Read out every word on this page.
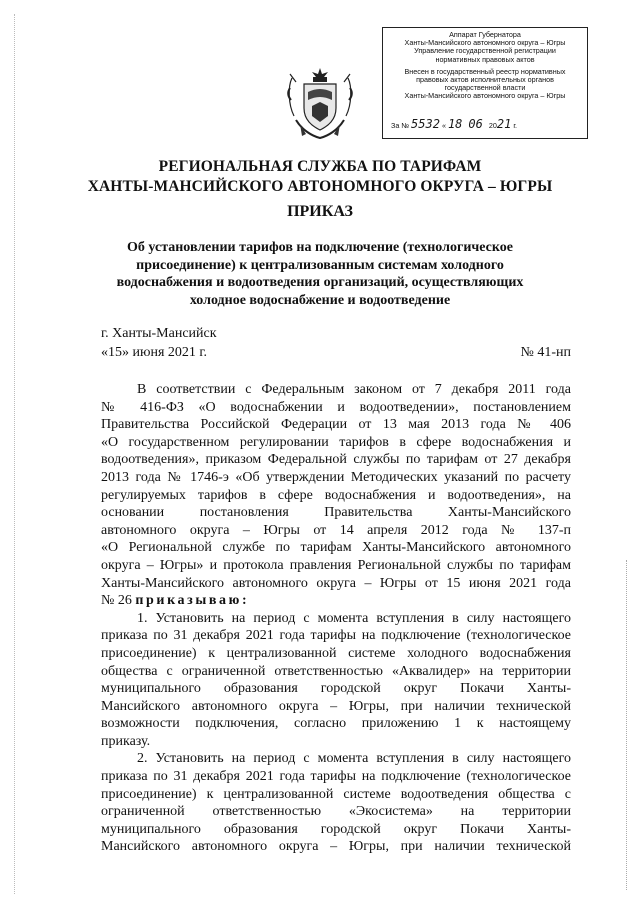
Аппарат Губернатора
Ханты-Мансийского автономного округа – Югры
Управление государственной регистрации
нормативных правовых актов
Внесен в государственный реестр нормативных
правовых актов исполнительных органов
государственной власти
Ханты-Мансийского автономного округа – Югры
За № 5532 « 18 06 2021 г.
РЕГИОНАЛЬНАЯ СЛУЖБА ПО ТАРИФАМ
ХАНТЫ-МАНСИЙСКОГО АВТОНОМНОГО ОКРУГА – ЮГРЫ
ПРИКАЗ
Об установлении тарифов на подключение (технологическое
присоединение) к централизованным системам холодного
водоснабжения и водоотведения организаций, осуществляющих
холодное водоснабжение и водоотведение
г. Ханты-Мансийск
«15» июня 2021 г.	№ 41-нп
В соответствии с Федеральным законом от 7 декабря 2011 года
№ 416-ФЗ «О водоснабжении и водоотведении», постановлением
Правительства Российской Федерации от 13 мая 2013 года № 406
«О государственном регулировании тарифов в сфере водоснабжения и
водоотведения», приказом Федеральной службы по тарифам от 27 декабря
2013 года № 1746-э «Об утверждении Методических указаний по расчету
регулируемых тарифов в сфере водоснабжения и водоотведения», на
основании постановления Правительства Ханты-Мансийского
автономного округа – Югры от 14 апреля 2012 года № 137-п
«О Региональной службе по тарифам Ханты-Мансийского автономного
округа – Югры» и протокола правления Региональной службы по тарифам
Ханты-Мансийского автономного округа – Югры от 15 июня 2021 года
№ 26 приказываю:
1. Установить на период с момента вступления в силу настоящего
приказа по 31 декабря 2021 года тарифы на подключение (технологическое
присоединение) к централизованной системе холодного водоснабжения
общества с ограниченной ответственностью «Аквалидер» на территории
муниципального образования городской округ Покачи Ханты-
Мансийского автономного округа – Югры, при наличии технической
возможности подключения, согласно приложению 1 к настоящему
приказу.
2. Установить на период с момента вступления в силу настоящего
приказа по 31 декабря 2021 года тарифы на подключение (технологическое
присоединение) к централизованной системе водоотведения общества с
ограниченной ответственностью «Экосистема» на территории
муниципального образования городской округ Покачи Ханты-
Мансийского автономного округа – Югры, при наличии технической
